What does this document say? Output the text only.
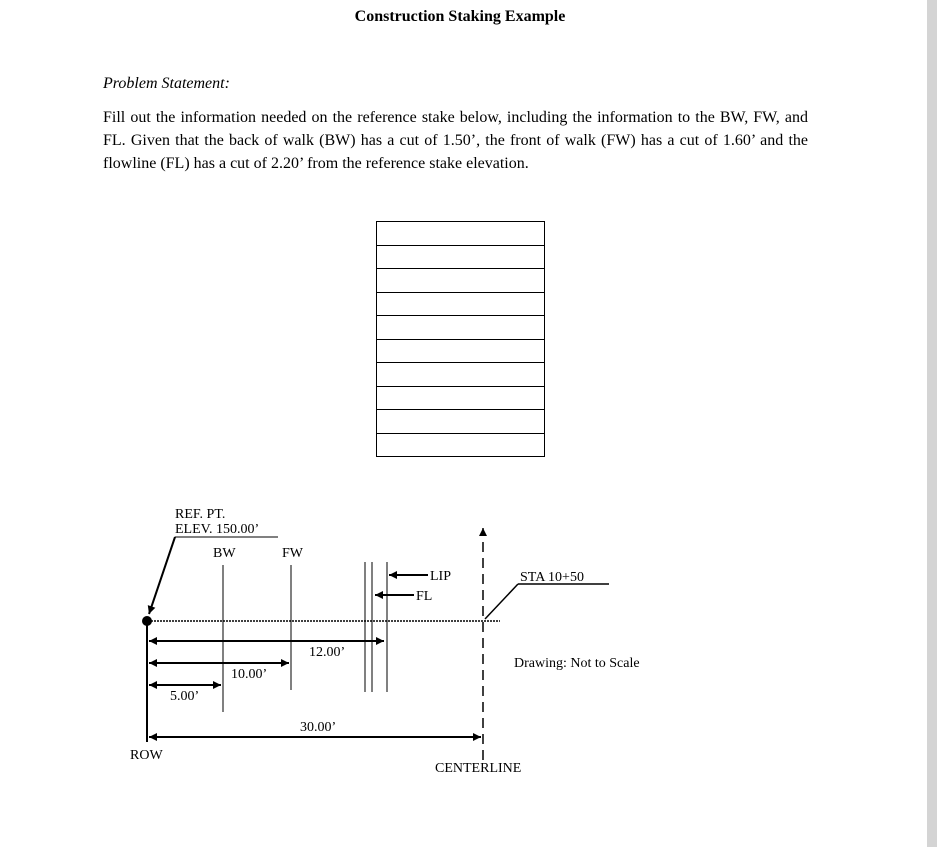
Construction Staking Example
Problem Statement:
Fill out the information needed on the reference stake below, including the information to the BW, FW, and FL. Given that the back of walk (BW) has a cut of 1.50’, the front of walk (FW) has a cut of 1.60’ and the flowline (FL) has a cut of 2.20’ from the reference stake elevation.
REF. PT.
ELEV. 150.00’
BW	FW
LIP
FL
STA 10+50
Drawing: Not to Scale
12.00’
10.00’
5.00’
30.00’
ROW
CENTERLINE
